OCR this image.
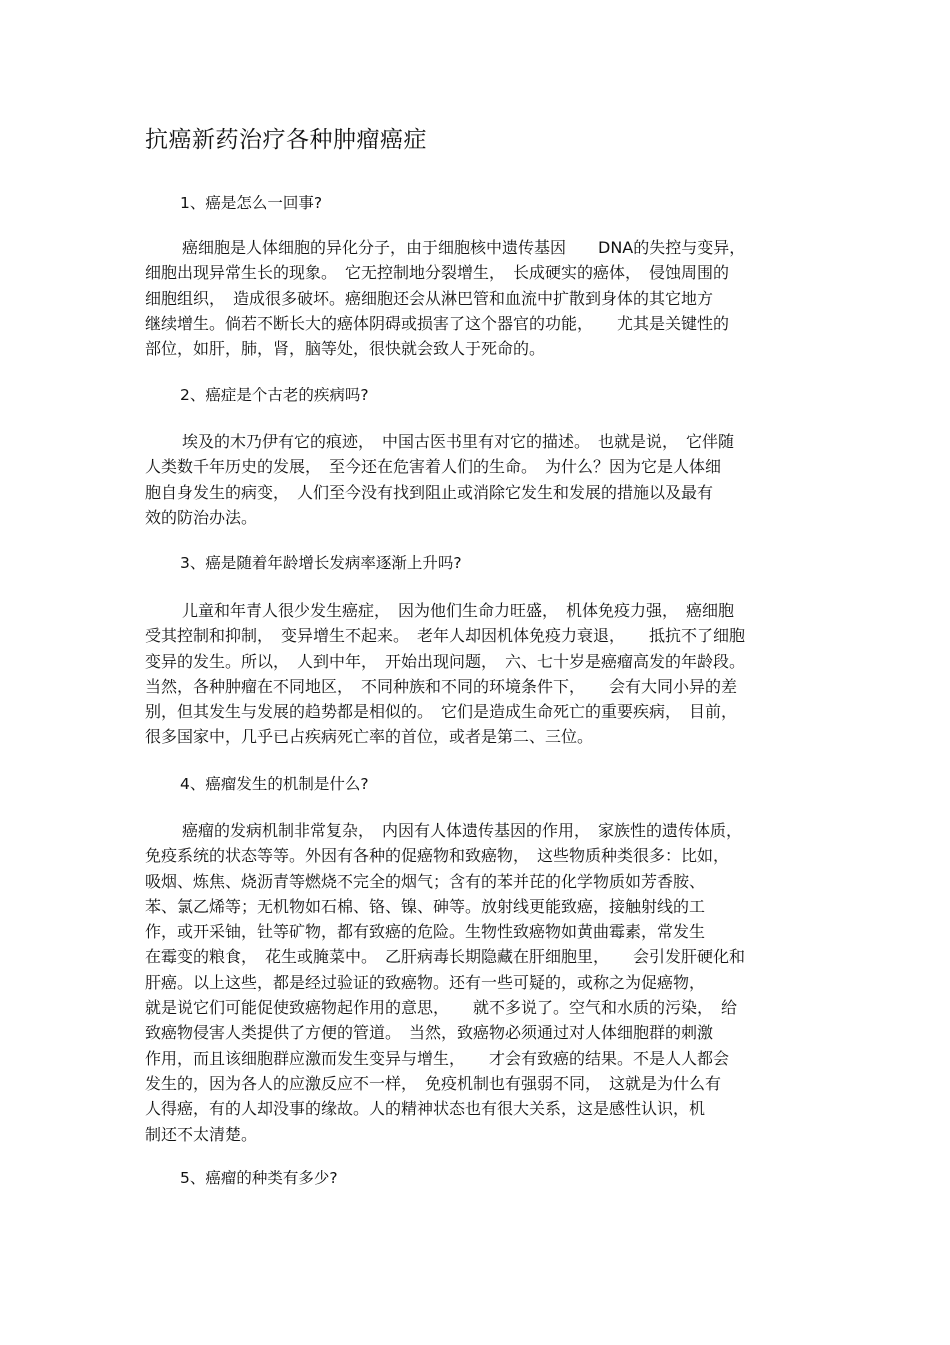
抗癌新药治疗各种肿瘤癌症

1、癌是怎么一回事?

癌细胞是人体细胞的异化分子，由于细胞核中遗传基因　　DNA的失控与变异，
细胞出现异常生长的现象。　它无控制地分裂增生，　长成硬实的癌体，　侵蚀周围的
细胞组织，　造成很多破坏。癌细胞还会从淋巴管和血流中扩散到身体的其它地方
继续增生。倘若不断长大的癌体阴碍或损害了这个器官的功能，　　尤其是关键性的
部位，如肝，肺，肾，脑等处，很快就会致人于死命的。

2、癌症是个古老的疾病吗?

埃及的木乃伊有它的痕迹，　中国古医书里有对它的描述。　也就是说，　它伴随
人类数千年历史的发展，　至今还在危害着人们的生命。　为什么？因为它是人体细
胞自身发生的病变，　人们至今没有找到阻止或消除它发生和发展的措施以及最有
效的防治办法。

3、癌是随着年龄增长发病率逐渐上升吗?

儿童和年青人很少发生癌症，　因为他们生命力旺盛，　机体免疫力强，　癌细胞
受其控制和抑制，　变异增生不起来。　老年人却因机体免疫力衰退，　　抵抗不了细胞
变异的发生。所以，　人到中年，　开始出现问题，　六、七十岁是癌瘤高发的年龄段。
当然，各种肿瘤在不同地区，　不同种族和不同的环境条件下，　　会有大同小异的差
别，但其发生与发展的趋势都是相似的。　它们是造成生命死亡的重要疾病，　目前，
很多国家中，几乎已占疾病死亡率的首位，或者是第二、三位。

4、癌瘤发生的机制是什么?

癌瘤的发病机制非常复杂，　内因有人体遗传基因的作用，　家族性的遗传体质，
免疫系统的状态等等。外因有各种的促癌物和致癌物，　这些物质种类很多：比如，
吸烟、炼焦、烧沥青等燃烧不完全的烟气；含有的苯并芘的化学物质如芳香胺、
苯、氯乙烯等；无机物如石棉、铬、镍、砷等。放射线更能致癌，接触射线的工
作，或开采铀，钍等矿物，都有致癌的危险。生物性致癌物如黄曲霉素，常发生
在霉变的粮食，　花生或腌菜中。　乙肝病毒长期隐藏在肝细胞里，　　会引发肝硬化和
肝癌。以上这些，都是经过验证的致癌物。还有一些可疑的，或称之为促癌物，
就是说它们可能促使致癌物起作用的意思，　　就不多说了。空气和水质的污染，　给
致癌物侵害人类提供了方便的管道。　当然，致癌物必须通过对人体细胞群的刺激
作用，而且该细胞群应激而发生变异与增生，　　才会有致癌的结果。不是人人都会
发生的，因为各人的应激反应不一样，　免疫机制也有强弱不同，　这就是为什么有
人得癌，有的人却没事的缘故。人的精神状态也有很大关系，这是感性认识，机
制还不太清楚。

5、癌瘤的种类有多少?
